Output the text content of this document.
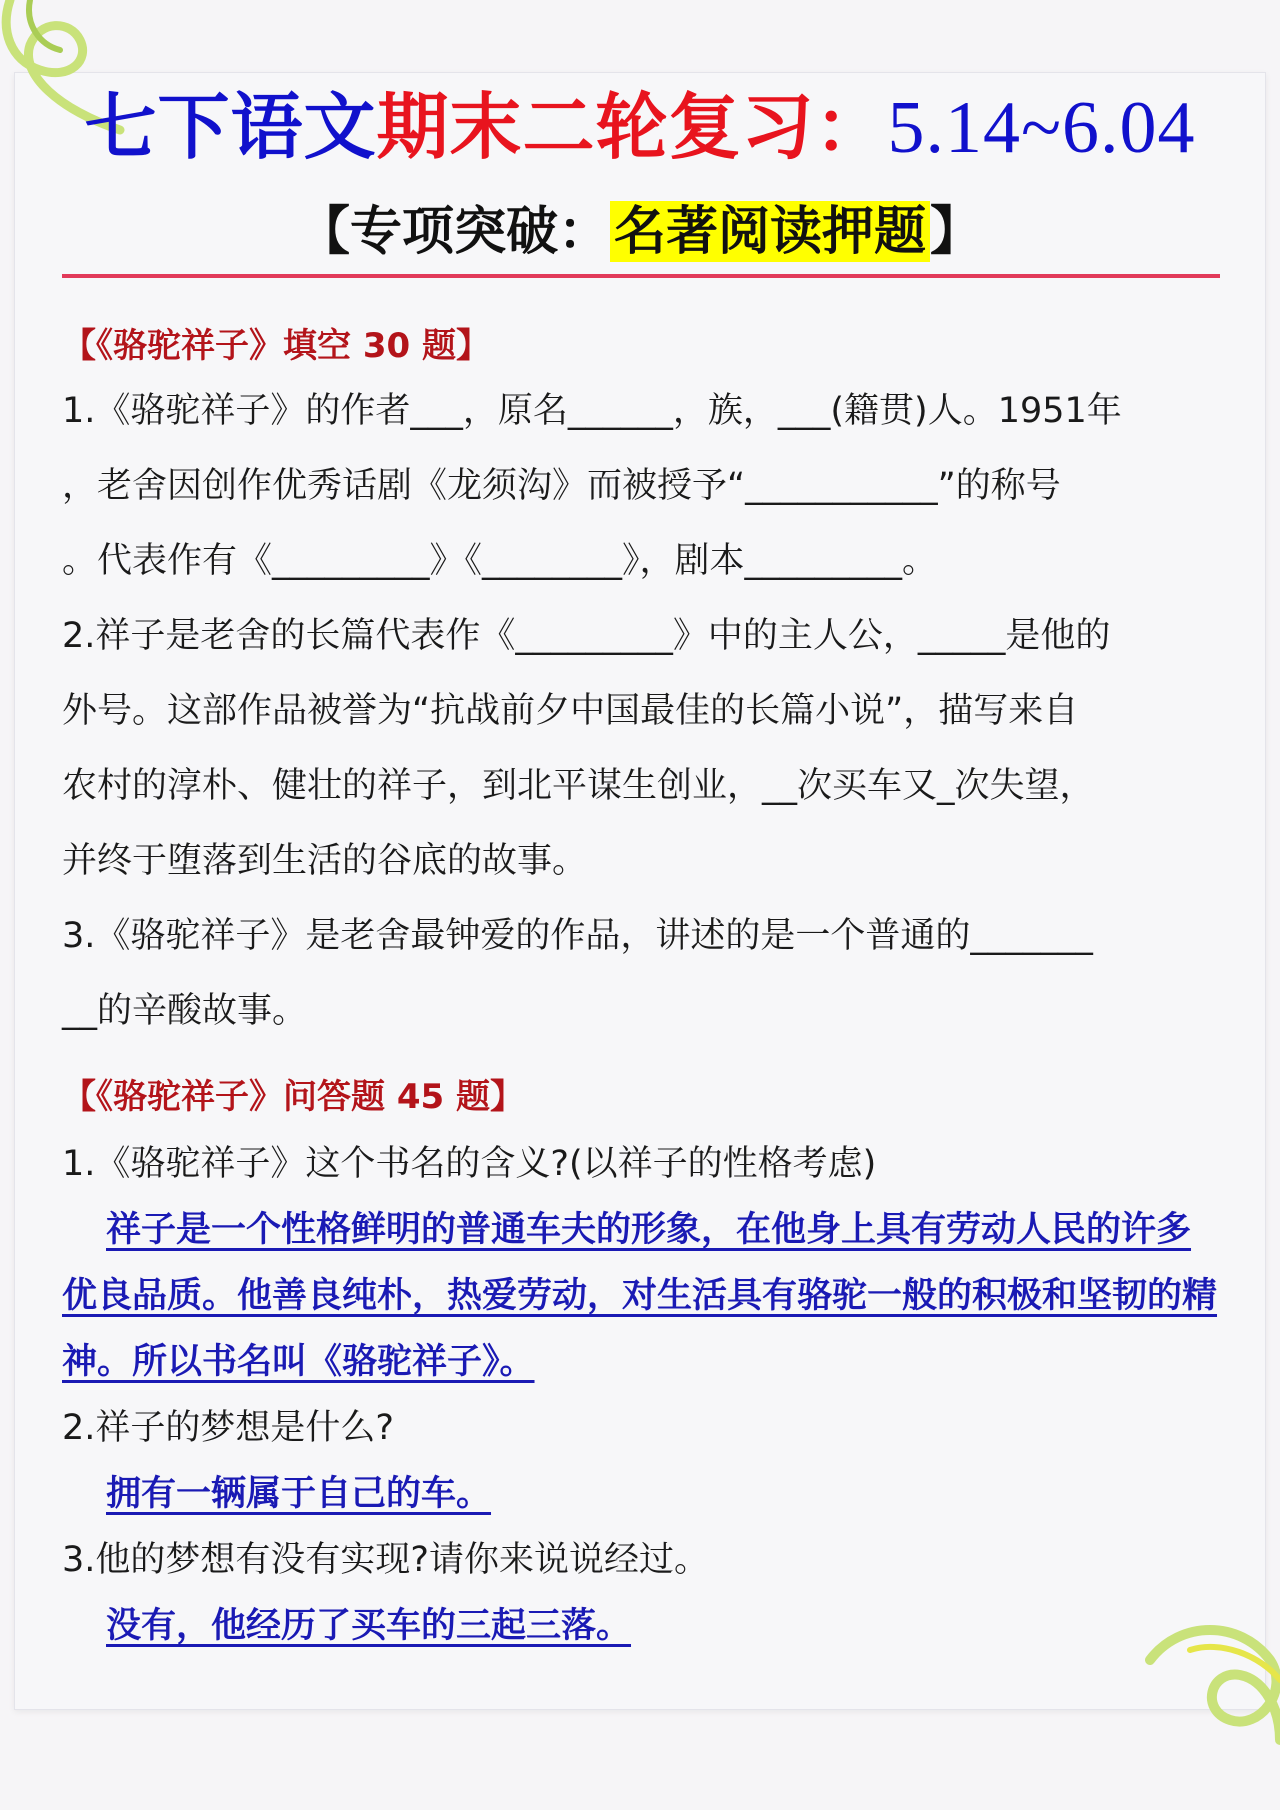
七下语文期末二轮复习：5.14~6.04
【专项突破：名著阅读押题】

【《骆驼祥子》填空 30 题】

1.《骆驼祥子》的作者___，原名______，族，___(籍贯)人。1951年

，老舍因创作优秀话剧《龙须沟》而被授予“___________”的称号

。代表作有《_________》《________》，剧本_________。

2.祥子是老舍的长篇代表作《_________》中的主人公，_____是他的

外号。这部作品被誉为“抗战前夕中国最佳的长篇小说”，描写来自

农村的淳朴、健壮的祥子，到北平谋生创业，__次买车又_次失望，

并终于堕落到生活的谷底的故事。

3.《骆驼祥子》是老舍最钟爱的作品，讲述的是一个普通的_______

__的辛酸故事。

【《骆驼祥子》问答题 45 题】

1.《骆驼祥子》这个书名的含义?(以祥子的性格考虑)

祥子是一个性格鲜明的普通车夫的形象，在他身上具有劳动人民的许多优良品质。他善良纯朴，热爱劳动，对生活具有骆驼一般的积极和坚韧的精神。所以书名叫《骆驼祥子》。

2.祥子的梦想是什么?

拥有一辆属于自己的车。

3.他的梦想有没有实现?请你来说说经过。

没有，他经历了买车的三起三落。
